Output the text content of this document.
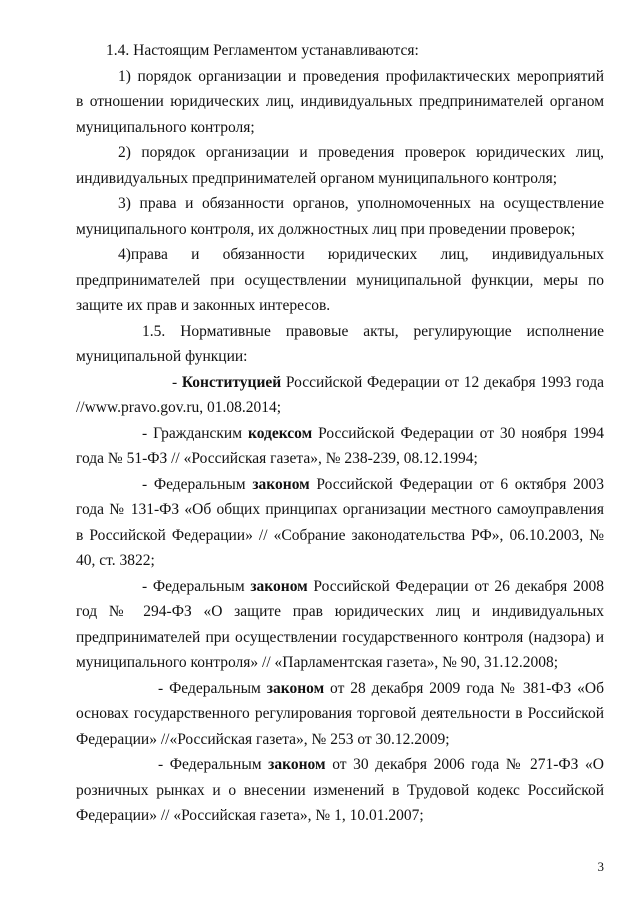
1.4. Настоящим Регламентом устанавливаются:

1) порядок организации и проведения профилактических мероприятий
в отношении юридических лиц, индивидуальных предпринимателей органом
муниципального контроля;

2) порядок организации и проведения проверок юридических лиц,
индивидуальных предпринимателей органом муниципального контроля;

3) права и обязанности органов, уполномоченных на осуществление
муниципального контроля, их должностных лиц при проведении проверок;

4)права и обязанности юридических лиц, индивидуальных
предпринимателей при осуществлении муниципальной функции, меры по
защите их прав и законных интересов.

1.5. Нормативные правовые акты, регулирующие исполнение
муниципальной функции:

- Конституцией Российской Федерации от 12 декабря 1993 года
//www.pravo.gov.ru, 01.08.2014;

- Гражданским кодексом Российской Федерации от 30 ноября 1994
года № 51-ФЗ // «Российская газета», № 238-239, 08.12.1994;

- Федеральным законом Российской Федерации от 6 октября 2003
года № 131-ФЗ «Об общих принципах организации местного самоуправления
в Российской Федерации» // «Собрание законодательства РФ», 06.10.2003, №
40, ст. 3822;

- Федеральным законом Российской Федерации от 26 декабря 2008
год № 294-ФЗ «О защите прав юридических лиц и индивидуальных
предпринимателей при осуществлении государственного контроля (надзора) и
муниципального контроля» // «Парламентская газета», № 90, 31.12.2008;

- Федеральным законом от 28 декабря 2009 года № 381-ФЗ «Об
основах государственного регулирования торговой деятельности в Российской
Федерации» //«Российская газета», № 253 от 30.12.2009;

- Федеральным законом от 30 декабря 2006 года № 271-ФЗ «О
розничных рынках и о внесении изменений в Трудовой кодекс Российской
Федерации» // «Российская газета», № 1, 10.01.2007;

3
